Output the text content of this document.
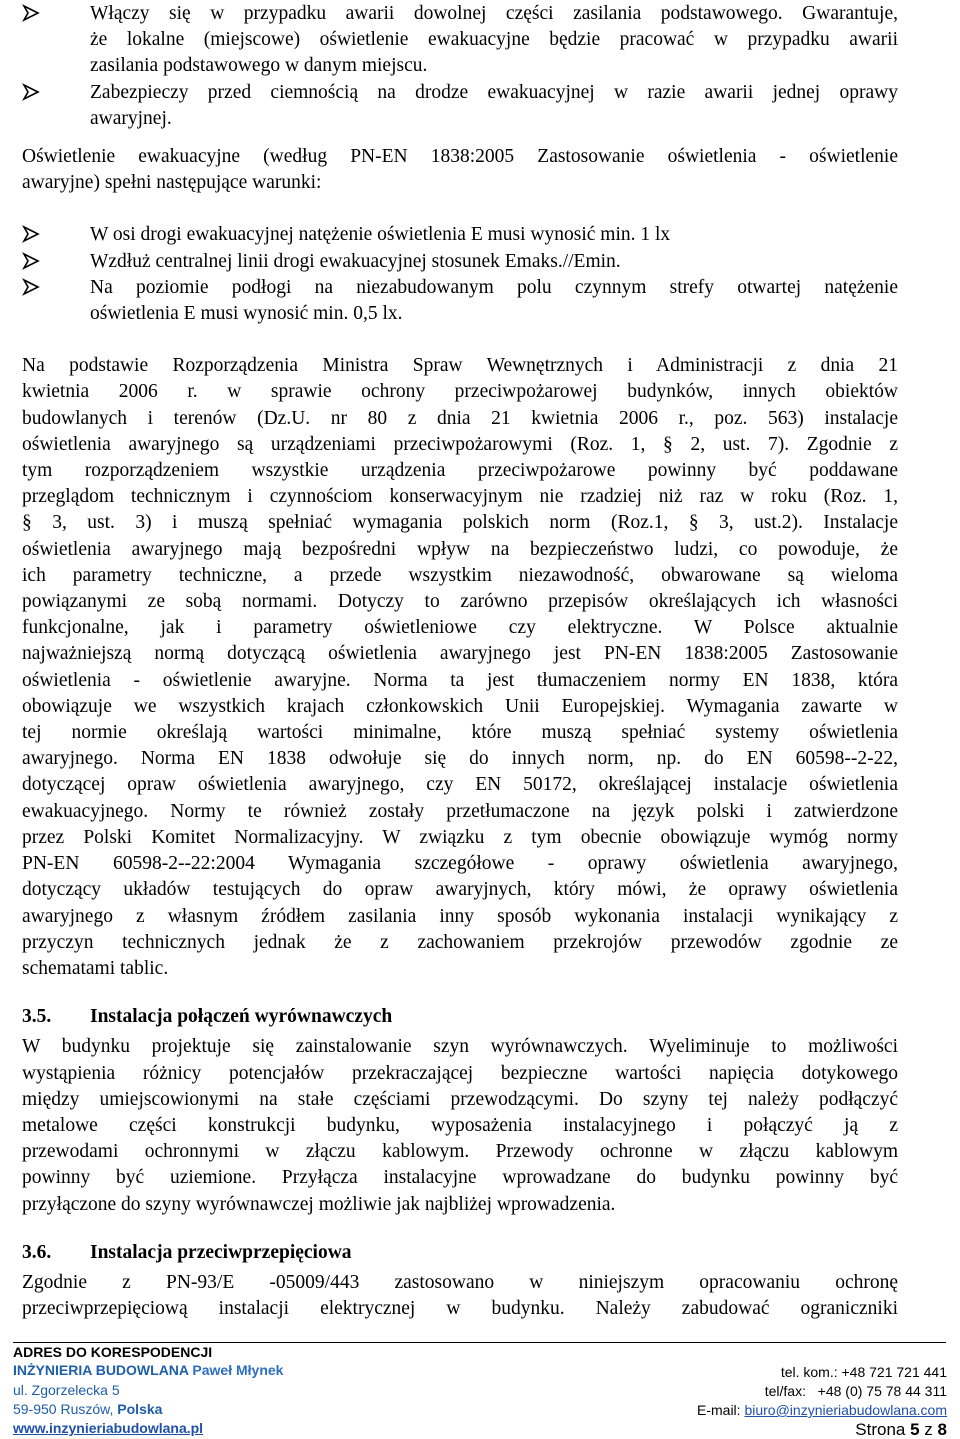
Włączy się w przypadku awarii dowolnej części zasilania podstawowego. Gwarantuje,
że lokalne (miejscowe) oświetlenie ewakuacyjne będzie pracować w przypadku awarii
zasilania podstawowego w danym miejscu.
Zabezpieczy przed ciemnością na drodze ewakuacyjnej w razie awarii jednej oprawy
awaryjnej.
Oświetlenie ewakuacyjne (według PN-EN 1838:2005 Zastosowanie oświetlenia - oświetlenie
awaryjne) spełni następujące warunki:
W osi drogi ewakuacyjnej natężenie oświetlenia E musi wynosić min. 1 lx
Wzdłuż centralnej linii drogi ewakuacyjnej stosunek Emaks.//Emin.
Na poziomie podłogi na niezabudowanym polu czynnym strefy otwartej natężenie
oświetlenia E musi wynosić min. 0,5 lx.
Na podstawie Rozporządzenia Ministra Spraw Wewnętrznych i Administracji z dnia 21
kwietnia 2006 r. w sprawie ochrony przeciwpożarowej budynków, innych obiektów
budowlanych i terenów (Dz.U. nr 80 z dnia 21 kwietnia 2006 r., poz. 563) instalacje
oświetlenia awaryjnego są urządzeniami przeciwpożarowymi (Roz. 1, § 2, ust. 7). Zgodnie z
tym rozporządzeniem wszystkie urządzenia przeciwpożarowe powinny być poddawane
przeglądom technicznym i czynnościom konserwacyjnym nie rzadziej niż raz w roku (Roz. 1,
§ 3, ust. 3) i muszą spełniać wymagania polskich norm (Roz.1, § 3, ust.2). Instalacje
oświetlenia awaryjnego mają bezpośredni wpływ na bezpieczeństwo ludzi, co powoduje, że
ich parametry techniczne, a przede wszystkim niezawodność, obwarowane są wieloma
powiązanymi ze sobą normami. Dotyczy to zarówno przepisów określających ich własności
funkcjonalne, jak i parametry oświetleniowe czy elektryczne. W Polsce aktualnie
najważniejszą normą dotyczącą oświetlenia awaryjnego jest PN-EN 1838:2005 Zastosowanie
oświetlenia - oświetlenie awaryjne. Norma ta jest tłumaczeniem normy EN 1838, która
obowiązuje we wszystkich krajach członkowskich Unii Europejskiej. Wymagania zawarte w
tej normie określają wartości minimalne, które muszą spełniać systemy oświetlenia
awaryjnego. Norma EN 1838 odwołuje się do innych norm, np. do EN 60598--2-22,
dotyczącej opraw oświetlenia awaryjnego, czy EN 50172, określającej instalacje oświetlenia
ewakuacyjnego. Normy te również zostały przetłumaczone na język polski i zatwierdzone
przez Polski Komitet Normalizacyjny. W związku z tym obecnie obowiązuje wymóg normy
PN-EN 60598-2--22:2004 Wymagania szczegółowe - oprawy oświetlenia awaryjnego,
dotyczący układów testujących do opraw awaryjnych, który mówi, że oprawy oświetlenia
awaryjnego z własnym źródłem zasilania inny sposób wykonania instalacji wynikający z
przyczyn technicznych jednak że z zachowaniem przekrojów przewodów zgodnie ze
schematami tablic.
3.5. Instalacja połączeń wyrównawczych
W budynku projektuje się zainstalowanie szyn wyrównawczych. Wyeliminuje to możliwości
wystąpienia różnicy potencjałów przekraczającej bezpieczne wartości napięcia dotykowego
między umiejscowionymi na stałe częściami przewodzącymi. Do szyny tej należy podłączyć
metalowe części konstrukcji budynku, wyposażenia instalacyjnego i połączyć ją z
przewodami ochronnymi w złączu kablowym. Przewody ochronne w złączu kablowym
powinny być uziemione. Przyłącza instalacyjne wprowadzane do budynku powinny być
przyłączone do szyny wyrównawczej możliwie jak najbliżej wprowadzenia.
3.6. Instalacja przeciwprzepięciowa
Zgodnie z PN-93/E -05009/443 zastosowano w niniejszym opracowaniu ochronę
przeciwprzepięciową instalacji elektrycznej w budynku. Należy zabudować ograniczniki
ADRES DO KORESPODENCJI
INŻYNIERIA BUDOWLANA Paweł Młynek
ul. Zgorzelecka 5
59-950 Ruszów, Polska
www.inzynieriabudowlana.pl
tel. kom.: +48 721 721 441
tel/fax:   +48 (0) 75 78 44 311
E-mail: biuro@inzynieriabudowlana.com
Strona 5 z 8
